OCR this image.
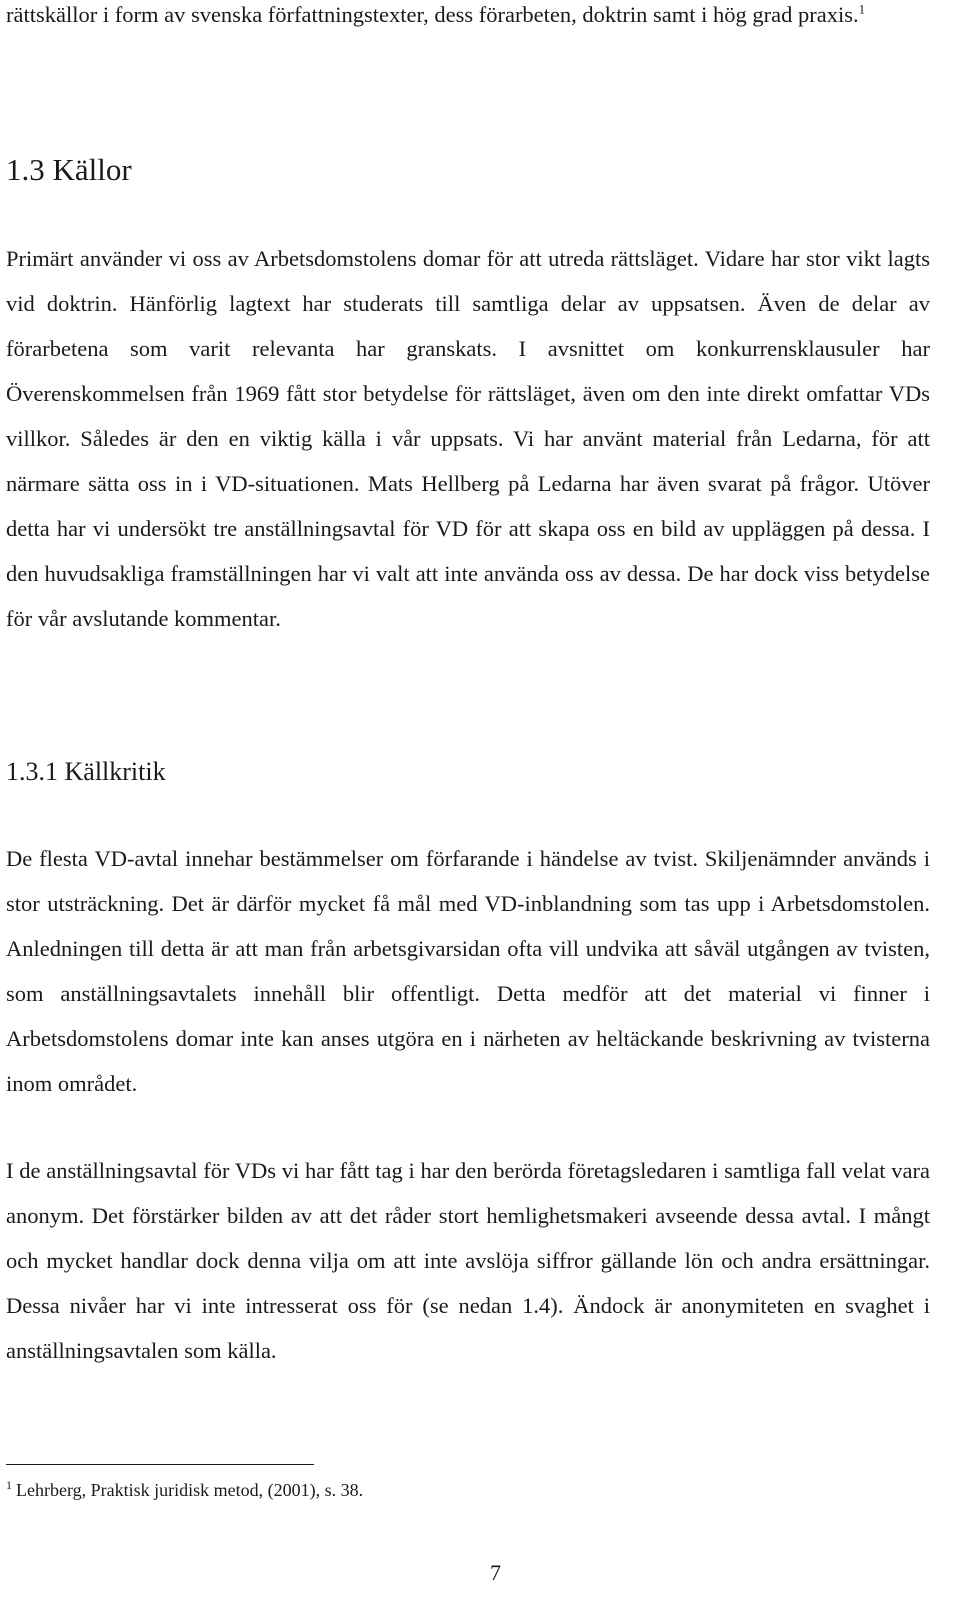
rättskällor i form av svenska författningstexter, dess förarbeten, doktrin samt i hög grad praxis.$^1$

1.3 Källor

Primärt använder vi oss av Arbetsdomstolens domar för att utreda rättsläget. Vidare har stor vikt lagts vid doktrin. Hänförlig lagtext har studerats till samtliga delar av uppsatsen. Även de delar av förarbetena som varit relevanta har granskats. I avsnittet om konkurrensklausuler har Överenskommelsen från 1969 fått stor betydelse för rättsläget, även om den inte direkt omfattar VDs villkor. Således är den en viktig källa i vår uppsats. Vi har använt material från Ledarna, för att närmare sätta oss in i VD-situationen. Mats Hellberg på Ledarna har även svarat på frågor. Utöver detta har vi undersökt tre anställningsavtal för VD för att skapa oss en bild av uppläggen på dessa. I den huvudsakliga framställningen har vi valt att inte använda oss av dessa. De har dock viss betydelse för vår avslutande kommentar.

1.3.1 Källkritik

De flesta VD-avtal innehar bestämmelser om förfarande i händelse av tvist. Skiljenämnder används i stor utsträckning. Det är därför mycket få mål med VD-inblandning som tas upp i Arbetsdomstolen. Anledningen till detta är att man från arbetsgivarsidan ofta vill undvika att såväl utgången av tvisten, som anställningsavtalets innehåll blir offentligt. Detta medför att det material vi finner i Arbetsdomstolens domar inte kan anses utgöra en i närheten av heltäckande beskrivning av tvisterna inom området.

I de anställningsavtal för VDs vi har fått tag i har den berörda företagsledaren i samtliga fall velat vara anonym. Det förstärker bilden av att det råder stort hemlighetsmakeri avseende dessa avtal. I mångt och mycket handlar dock denna vilja om att inte avslöja siffror gällande lön och andra ersättningar. Dessa nivåer har vi inte intresserat oss för (se nedan 1.4). Ändock är anonymiteten en svaghet i anställningsavtalen som källa.

$^1$ Lehrberg, Praktisk juridisk metod, (2001), s. 38.

7
